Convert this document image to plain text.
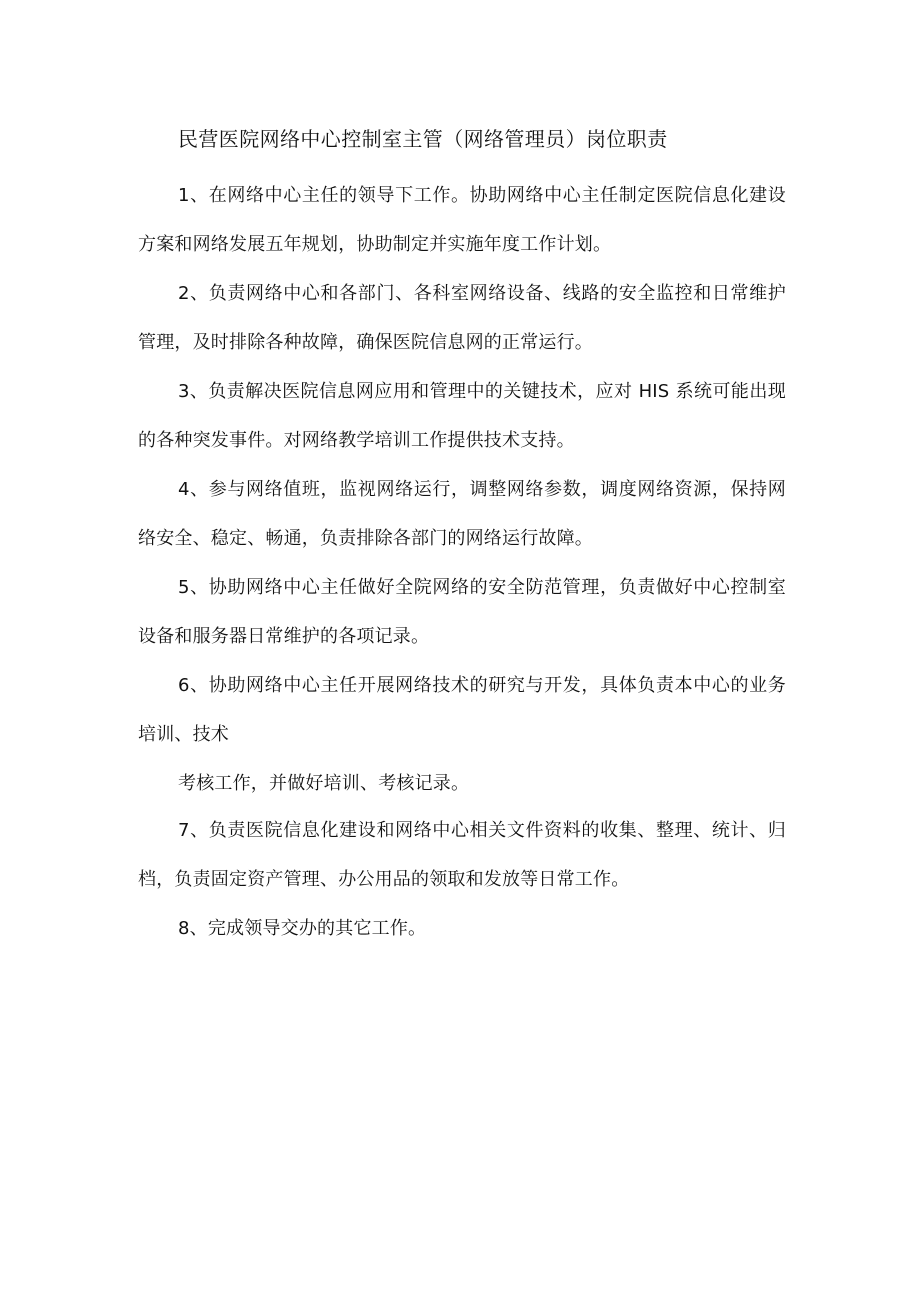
民营医院网络中心控制室主管（网络管理员）岗位职责
1、在网络中心主任的领导下工作。协助网络中心主任制定医院信息化建设方案和网络发展五年规划，协助制定并实施年度工作计划。
2、负责网络中心和各部门、各科室网络设备、线路的安全监控和日常维护管理，及时排除各种故障，确保医院信息网的正常运行。
3、负责解决医院信息网应用和管理中的关键技术，应对 HIS 系统可能出现的各种突发事件。对网络教学培训工作提供技术支持。
4、参与网络值班，监视网络运行，调整网络参数，调度网络资源，保持网络安全、稳定、畅通，负责排除各部门的网络运行故障。
5、协助网络中心主任做好全院网络的安全防范管理，负责做好中心控制室设备和服务器日常维护的各项记录。
6、协助网络中心主任开展网络技术的研究与开发，具体负责本中心的业务培训、技术
考核工作，并做好培训、考核记录。
7、负责医院信息化建设和网络中心相关文件资料的收集、整理、统计、归档，负责固定资产管理、办公用品的领取和发放等日常工作。
8、完成领导交办的其它工作。
